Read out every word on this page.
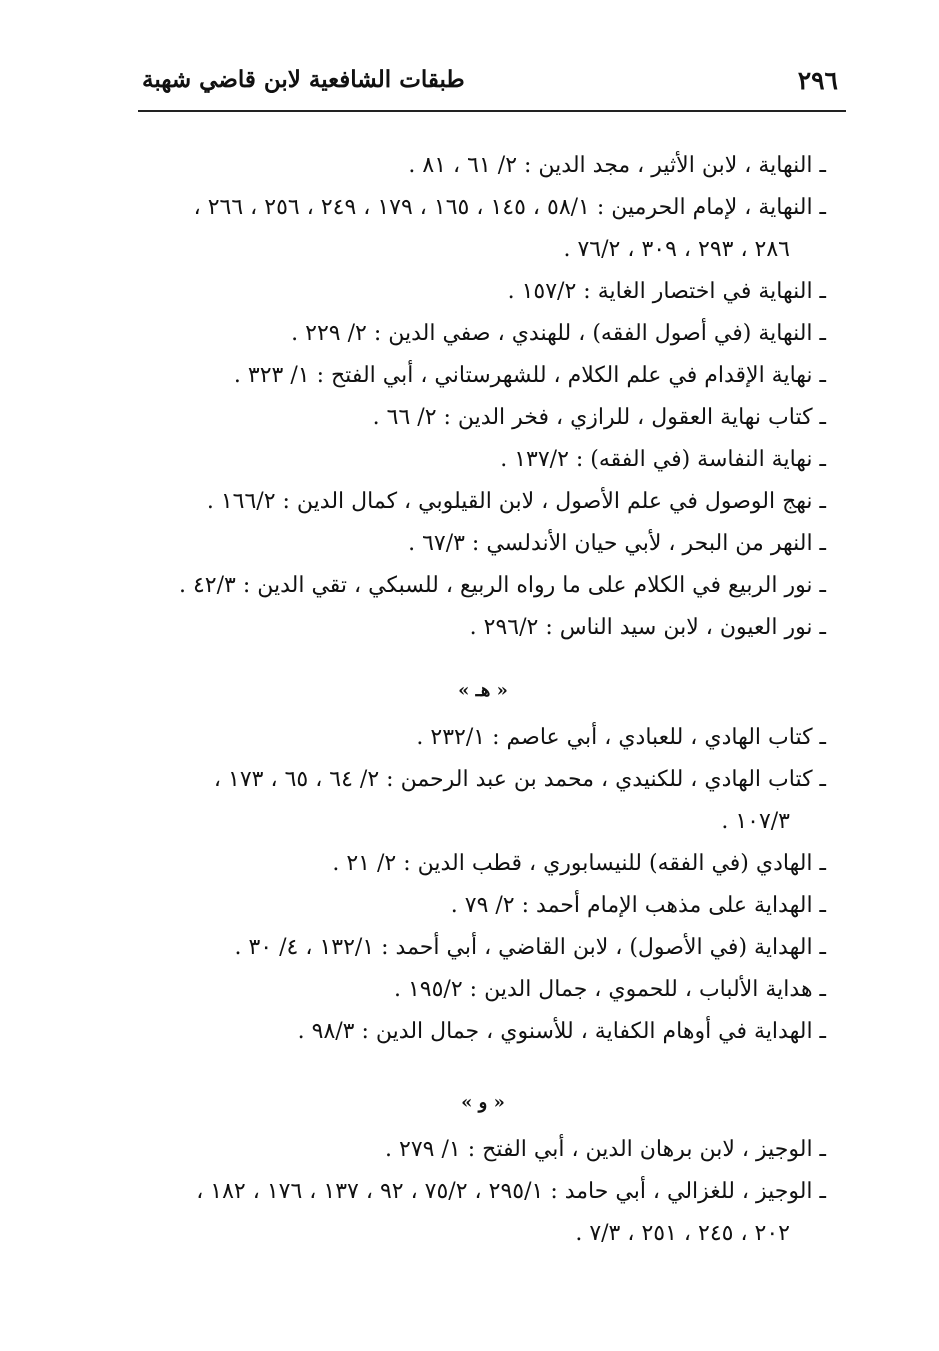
٢٩٦
طبقات الشافعية لابن قاضي شهبة

ـ النهاية ، لابن الأثير ، مجد الدين : ٢/ ٦١ ، ٨١ .

ـ النهاية ، لإمام الحرمين : ٥٨/١ ، ١٤٥ ، ١٦٥ ، ١٧٩ ، ٢٤٩ ، ٢٥٦ ، ٢٦٦ ،

٢٨٦ ، ٢٩٣ ، ٣٠٩ ، ٧٦/٢ .

ـ النهاية في اختصار الغاية : ١٥٧/٢ .

ـ النهاية (في أصول الفقه) ، للهندي ، صفي الدين : ٢/ ٢٢٩ .

ـ نهاية الإقدام في علم الكلام ، للشهرستاني ، أبي الفتح : ١/ ٣٢٣ .

ـ كتاب نهاية العقول ، للرازي ، فخر الدين : ٢/ ٦٦ .

ـ نهاية النفاسة (في الفقه) : ١٣٧/٢ .

ـ نهج الوصول في علم الأصول ، لابن القيلوبي ، كمال الدين : ١٦٦/٢ .

ـ النهر من البحر ، لأبي حيان الأندلسي : ٦٧/٣ .

ـ نور الربيع في الكلام على ما رواه الربيع ، للسبكي ، تقي الدين : ٤٢/٣ .

ـ نور العيون ، لابن سيد الناس : ٢٩٦/٢ .

« هـ »

ـ كتاب الهادي ، للعبادي ، أبي عاصم : ٢٣٢/١ .

ـ كتاب الهادي ، للكنيدي ، محمد بن عبد الرحمن : ٢/ ٦٤ ، ٦٥ ، ١٧٣ ،

١٠٧/٣ .

ـ الهادي (في الفقه) للنيسابوري ، قطب الدين : ٢/ ٢١ .

ـ الهداية على مذهب الإمام أحمد : ٢/ ٧٩ .

ـ الهداية (في الأصول) ، لابن القاضي ، أبي أحمد : ١٣٢/١ ، ٤/ ٣٠ .

ـ هداية الألباب ، للحموي ، جمال الدين : ١٩٥/٢ .

ـ الهداية في أوهام الكفاية ، للأسنوي ، جمال الدين : ٩٨/٣ .

« و »

ـ الوجيز ، لابن برهان الدين ، أبي الفتح : ١/ ٢٧٩ .

ـ الوجيز ، للغزالي ، أبي حامد : ٢٩٥/١ ، ٧٥/٢ ، ٩٢ ، ١٣٧ ، ١٧٦ ، ١٨٢ ،

٢٠٢ ، ٢٤٥ ، ٢٥١ ، ٧/٣ .
